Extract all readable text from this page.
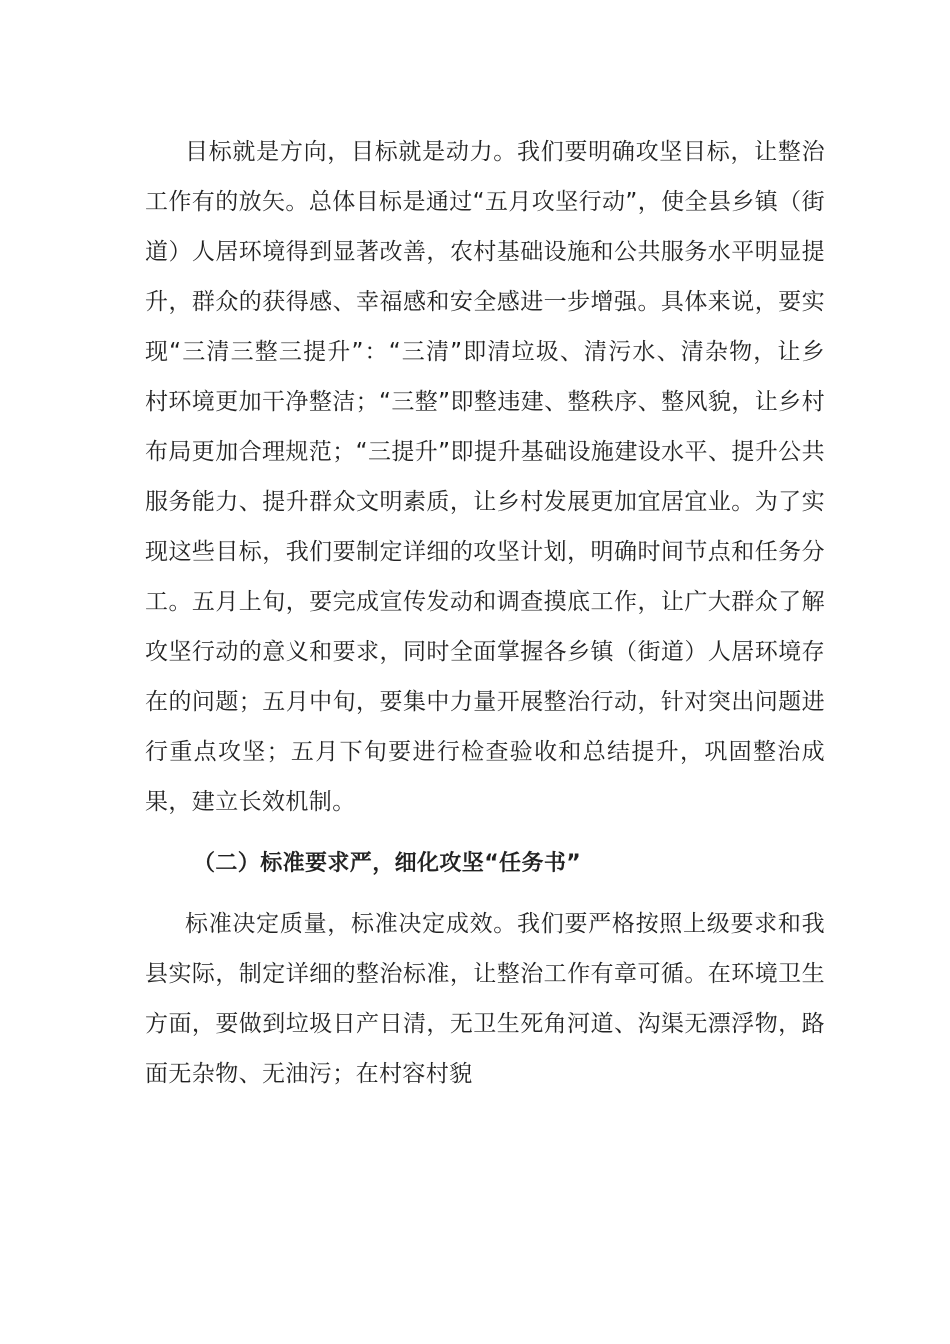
目标就是方向，目标就是动力。我们要明确攻坚目标，让整治工作有的放矢。总体目标是通过“五月攻坚行动”，使全县乡镇（街道）人居环境得到显著改善，农村基础设施和公共服务水平明显提升，群众的获得感、幸福感和安全感进一步增强。具体来说，要实现“三清三整三提升”：“三清”即清垃圾、清污水、清杂物，让乡村环境更加干净整洁；“三整”即整违建、整秩序、整风貌，让乡村布局更加合理规范；“三提升”即提升基础设施建设水平、提升公共服务能力、提升群众文明素质，让乡村发展更加宜居宜业。为了实现这些目标，我们要制定详细的攻坚计划，明确时间节点和任务分工。五月上旬，要完成宣传发动和调查摸底工作，让广大群众了解攻坚行动的意义和要求，同时全面掌握各乡镇（街道）人居环境存在的问题；五月中旬，要集中力量开展整治行动，针对突出问题进行重点攻坚；五月下旬要进行检查验收和总结提升，巩固整治成果，建立长效机制。

（二）标准要求严，细化攻坚“任务书”

标准决定质量，标准决定成效。我们要严格按照上级要求和我县实际，制定详细的整治标准，让整治工作有章可循。在环境卫生方面，要做到垃圾日产日清，无卫生死角河道、沟渠无漂浮物，路面无杂物、无油污；在村容村貌
